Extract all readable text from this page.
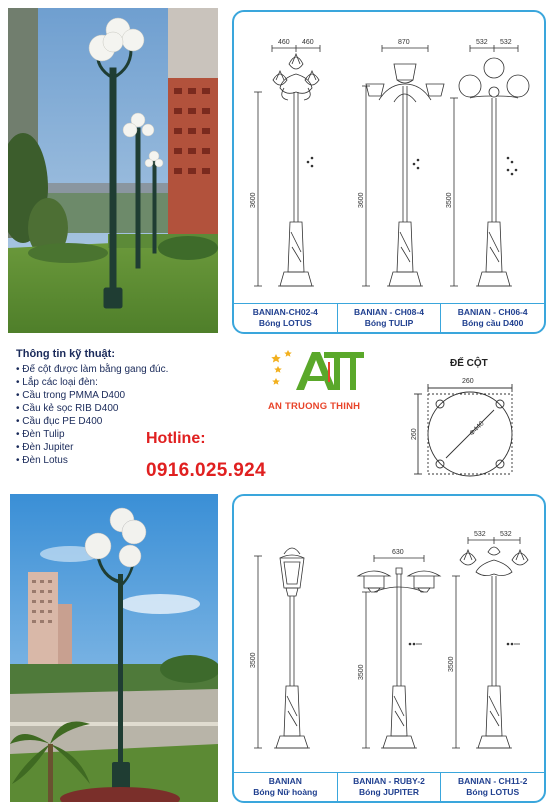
460 460	870	532 532
3600	3600	3500
BANIAN-CH02-4
Bóng LOTUS
BANIAN - CH08-4
Bóng TULIP
BANIAN - CH06-4
Bóng cầu D400
Thông tin kỹ thuật:
• Đế cột được làm bằng gang đúc.
• Lắp các loại đèn:
• Cầu trong PMMA D400
• Cầu kẻ sọc RIB D400
• Cầu đục PE D400
• Đèn Tulip
• Đèn Jupiter
• Đèn Lotus
Hotline:
0916.025.924
AN TRUONG THINH
ĐẾ CỘT
260
260	Φ440
630
532 532
3500
3500
3500
BANIAN
Bóng Nữ hoàng
BANIAN - RUBY-2
Bóng JUPITER
BANIAN - CH11-2
Bóng LOTUS
